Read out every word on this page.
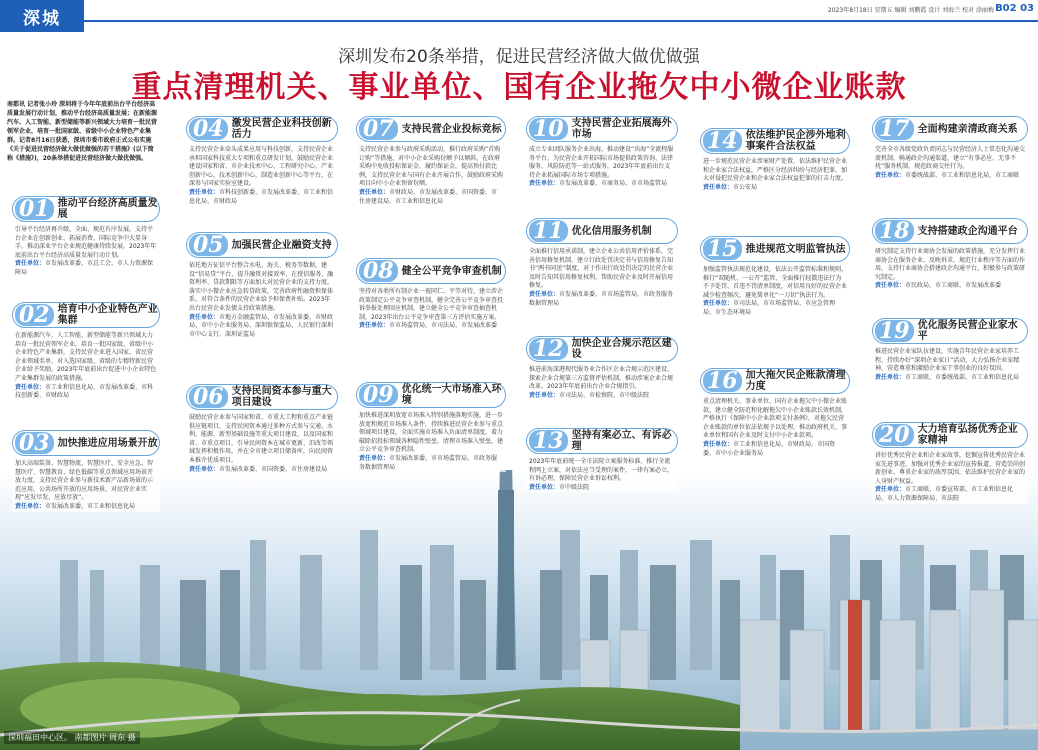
深城	2023年8月18日 星期五 编辑 刘鹏霞 设计 刘海兰 校对 涂丽梅 B02 03
深圳发布20条举措，促进民营经济做大做优做强
重点清理机关、事业单位、国有企业拖欠中小微企业账款
深圳福田中心区。 南都图片 周东 摄
南都讯 记者张小玲 深圳将于今年年底前出台平台经济高质量发展行动计划，推动平台经济高质量发展；在新能源汽车、人工智能、新型储能等新兴领域大力培育一批民营领军企业，培育一批国家级、省级中小企业特色产业集群。记者8月16日获悉，深圳市委市政府正式公布实施《关于促进民营经济做大做优做强的若干措施》(以下简称《措施》)，20条举措促进民营经济做大做优做强。
01 推动平台经济高质量发展
引导平台经济再升级，全面、规范有序发展，支持平台企业在创新创业、拓展消费、国际竞争中大显身手，推动深业平台企业规范健康持续发展，2023年年底前出台平台经济高质量发展行动计划。
责任单位：市发展改革委、市总工会、市人力资源保障局
02 培育中小企业特色产业集群
在新能源汽车、人工智能、新型储能等新兴领域大力培育一批民营领军企业，培育一批国家级、省级中小企业特色产业集群，支持民营企业进入国家、省民营企业领域名单，对入选国家级、省级的专精特新民营企业给予奖励，2023年年底前出台促进中小企业特色产业集群发展的政策措施。
责任单位：市工业和信息化局、市发展改革委、市科技创新委、市财政局
03 加快推进应用场景开放
加大高端装备、智慧物流、智慧医疗、安全应急、智慧医疗、智慧教育、绿色低碳等重点领域应用场景开放力度，支持民营企业参与新技术新产品新场景的示范应用，公共场所开放的应用场景，对民营企业实现“应发尽发、应放尽放”。
责任单位：市发展改革委、市工业和信息化局
04 激发民营企业科技创新活力
支持民营企业牵头成果应用与科技创新，支持民营企业承担国家科技重大专项和重点研发计划，鼓励民营企业建设国家和省、市企业技术中心、工程研究中心，产业创新中心，技术创新中心，制造业创新中心等平台，在深参与国家实验室建设。
责任单位：市科技创新委、市发展改革委、市工业和信息化局、市财政局
05 加强民营企业融资支持
依托地方征信平台整合水电、海关、税务等数据，建设“信易贷”平台，提升融资对接效率，在授信服务、融资利率、贷款期限等方面加大对民营企业的支持力度。落实中小微企业应急转贷政策，完善政府性融资担保体系，对符合条件的民营企业给予担保费补贴。2023年出台民营企业发债支持政策措施。
责任单位：市地方金融监管局、市发展改革委、市财政局、市中小企业服务局、深圳银保监局、人民银行深圳市中心支行、深圳证监局
06 支持民间资本参与重大项目建设
鼓励民营企业参与国家和省、市重大工程和重点产业链供应链项目，支持民间资本通过多种方式参与交通、水利、能源、新型基础设施等重大项目建设，以及国家和省、市重点项目，引导民间资本在城市更新、旧改等领域发挥积极作用，并在全市建立项目储备库，向民间资本推介优质项目。
责任单位：市发展改革委、市国资委、市住房建设局
07 支持民营企业投标竞标
支持民营企业参与政府采购活动，推行政府采购“首购订购”等措施，对中小企业采购份额予以倾斜，在政府采购中免收投标保证金、履约保证金，提高预付款比例，支持民营企业与国有企业开展合作，鼓励政府采购项目向中小企业预留份额。
责任单位：市财政局、市发展改革委、市国资委、市住房建设局、市工业和信息化局
08 健全公平竞争审查机制
坚持对各类所有制企业一视同仁、平等对待，建立涉企政策制定公平竞争审查机制，健全完善公平竞争审查投诉举报处理回应机制，建立健全公平竞争审查抽查机制，2023年出台公平竞争审查第三方评估实施方案。
责任单位：市市场监管局、市司法局、市发展改革委
09 优化统一大市场准入环境
加快推进深圳放宽市场准入特别措施落地实施，进一步放宽和规范市场准入条件，持续推进民营企业参与重点领域项目建设，全面实施市场准入负面清单制度，着力破除招投标领域各种隐性壁垒，清理市场准入壁垒，建立公平竞争审查机制。
责任单位：市发展改革委、市市场监管局、市政务服务数据管理局
10 支持民营企业拓展海外市场
成立专业团队服务企业出海，推动建设“出海”全流程服务平台，为民营企业开拓国际市场提供政策咨询、法律服务、风险防范等一站式服务，2023年年底前出台支持企业拓展国际市场专项措施。
责任单位：市发展改革委、市商务局、市市场监管局
11 优化信用服务机制
全面推行信用承诺制，建立企业公共信用评价体系，完善信用修复机制，建立行政处罚决定书与信用修复告知书“两书同送”制度，对于作出行政处罚决定的民营企业及时告知其信用修复权利，帮助民营企业及时开展信用修复。
责任单位：市发展改革委、市市场监管局、市政务服务数据管理局
12 加快企业合规示范区建设
推进前海深港现代服务业合作区企业合规示范区建设，探索企业合规第三方监督评估机制，推动涉案企业合规改革，2023年年底前出台企业合规指引。
责任单位：市司法局、市检察院、市中级法院
13 坚持有案必立、有诉必理
2023年年底前统一全市法院立案服务标准，推行全流程网上立案，对依法应当受理的案件，一律有案必立、有诉必理，保障民营企业诉讼权利。
责任单位：市中级法院
14 依法维护民企涉外地利事案件合法权益
进一步规范民营企业涉案财产处置，依法维护民营企业和企业家合法权益，严格区分经济纠纷与经济犯罪，加大对侵犯民营企业和企业家合法权益犯罪的打击力度。
责任单位：市公安局
15 推进规范文明监管执法
加强监管执法规范化建设，依法公开监管标准和规则，推行“双随机、一公开”监管，全面推行轻微违法行为不予处罚、首违不罚清单制度，对信用良好的民营企业减少检查频次，避免简单化“一刀切”执法行为。
责任单位：市司法局、市市场监管局、市应急管理局、市生态环境局
16 加大拖欠民企账款清理力度
重点清理机关、事业单位、国有企业拖欠中小微企业账款，建立健全防范和化解拖欠中小企业账款长效机制，严格执行《保障中小企业款项支付条例》，对拖欠民营企业账款的单位依法依规予以处理，推动政府机关、事业单位和国有企业及时支付中小企业款项。
责任单位：市工业和信息化局、市财政局、市国资委、市中小企业服务局
17 全面构建亲清政商关系
完善全市各级党政负责同志与民营经济人士常态化沟通交流机制，畅通政企沟通渠道，建立“有事必应、无事不扰”服务机制，规范政商交往行为。
责任单位：市委统战部、市工业和信息化局、市工商联
18 支持搭建政企沟通平台
研究制定支持行业商协会发展的政策措施，充分发挥行业商协会在服务企业、反映诉求、规范行业秩序等方面的作用，支持行业商协会搭建政企沟通平台，积极参与政策研究制定。
责任单位：市民政局、市工商联、市发展改革委
19 优化服务民营企业家水平
推进民营企业家队伍建设，实施青年民营企业家培养工程，持续办好“深圳企业家日”活动，大力弘扬企业家精神，营造尊重和激励企业家干事创业的良好氛围。
责任单位：市工商联、市委统战部、市工业和信息化局
20 大力培育弘扬优秀企业家精神
讲好优秀民营企业和企业家故事，挖掘宣传优秀民营企业家先进事迹，加强对优秀企业家的宣传报道，营造崇尚创新创业、尊重企业家的浓厚氛围，依法维护民营企业家的人身财产权益。
责任单位：市工商联、市委宣传部、市工业和信息化局、市人力资源保障局、市法院
